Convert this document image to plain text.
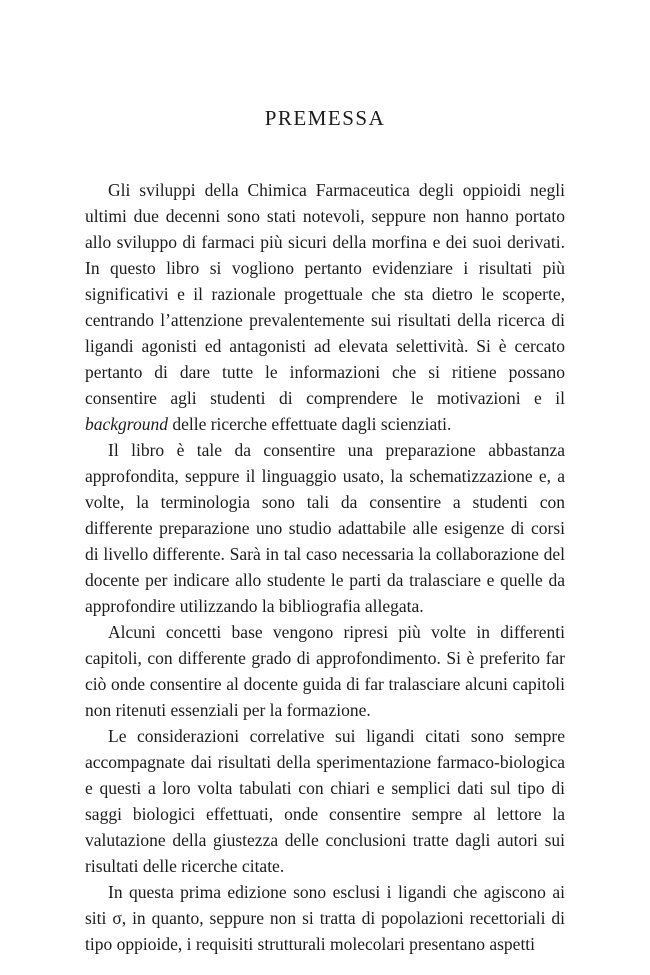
PREMESSA

Gli sviluppi della Chimica Farmaceutica degli oppioidi negli ultimi due decenni sono stati notevoli, seppure non hanno portato allo sviluppo di farmaci più sicuri della morfina e dei suoi derivati. In questo libro si vogliono pertanto evidenziare i risultati più significativi e il razionale progettuale che sta dietro le scoperte, centrando l’attenzione prevalentemente sui risultati della ricerca di ligandi agonisti ed antagonisti ad elevata selettività. Si è cercato pertanto di dare tutte le informazioni che si ritiene possano consentire agli studenti di comprendere le motivazioni e il background delle ricerche effettuate dagli scienziati.

Il libro è tale da consentire una preparazione abbastanza approfondita, seppure il linguaggio usato, la schematizzazione e, a volte, la terminologia sono tali da consentire a studenti con differente preparazione uno studio adattabile alle esigenze di corsi di livello differente. Sarà in tal caso necessaria la collaborazione del docente per indicare allo studente le parti da tralasciare e quelle da approfondire utilizzando la bibliografia allegata.

Alcuni concetti base vengono ripresi più volte in differenti capitoli, con differente grado di approfondimento. Si è preferito far ciò onde consentire al docente guida di far tralasciare alcuni capitoli non ritenuti essenziali per la formazione.

Le considerazioni correlative sui ligandi citati sono sempre accompagnate dai risultati della sperimentazione farmaco-biologica e questi a loro volta tabulati con chiari e semplici dati sul tipo di saggi biologici effettuati, onde consentire sempre al lettore la valutazione della giustezza delle conclusioni tratte dagli autori sui risultati delle ricerche citate.

In questa prima edizione sono esclusi i ligandi che agiscono ai siti σ, in quanto, seppure non si tratta di popolazioni recettoriali di tipo oppioide, i requisiti strutturali molecolari presentano aspetti
